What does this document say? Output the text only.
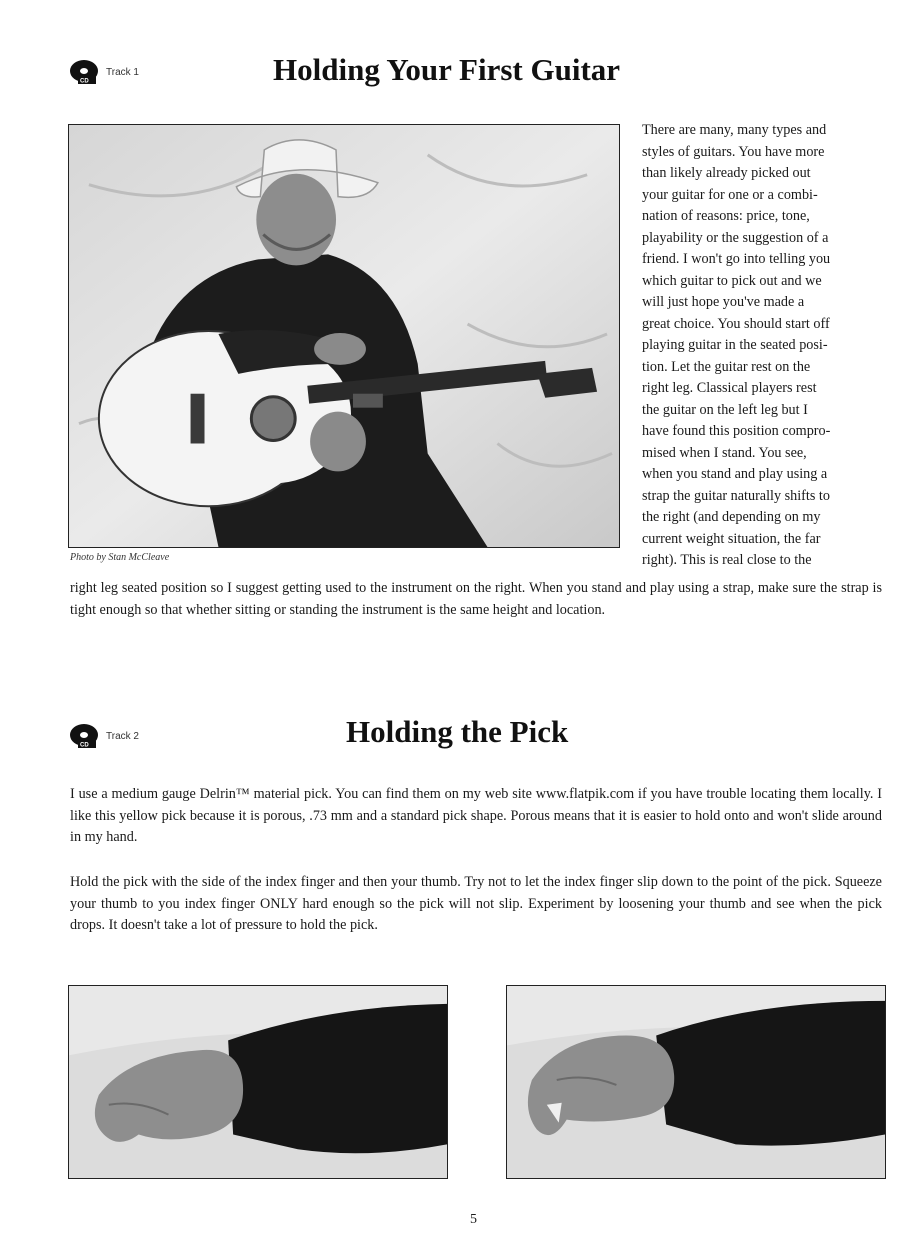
CD
Track 1	Holding Your First Guitar
Photo by Stan McCleave
There are many, many types and
styles of guitars. You have more
than likely already picked out
your guitar for one or a combi-
nation of reasons: price, tone,
playability or the suggestion of a
friend. I won't go into telling you
which guitar to pick out and we
will just hope you've made a
great choice. You should start off
playing guitar in the seated posi-
tion. Let the guitar rest on the
right leg. Classical players rest
the guitar on the left leg but I
have found this position compro-
mised when I stand. You see,
when you stand and play using a
strap the guitar naturally shifts to
the right (and depending on my
current weight situation, the far
right). This is real close to the

right leg seated position so I suggest getting used to the instrument on the right. When you stand and play using a strap, make sure the strap is tight enough so that whether sitting or standing the instrument is the same height and location.

CD
Track 2	Holding the Pick

I use a medium gauge Delrin™ material pick. You can find them on my web site www.flatpik.com if you have trouble locating them locally. I like this yellow pick because it is porous, .73 mm and a standard pick shape. Porous means that it is easier to hold onto and won't slide around in my hand.

Hold the pick with the side of the index finger and then your thumb. Try not to let the index finger slip down to the point of the pick. Squeeze your thumb to you index finger ONLY hard enough so the pick will not slip. Experiment by loosening your thumb and see when the pick drops. It doesn't take a lot of pressure to hold the pick.

5
